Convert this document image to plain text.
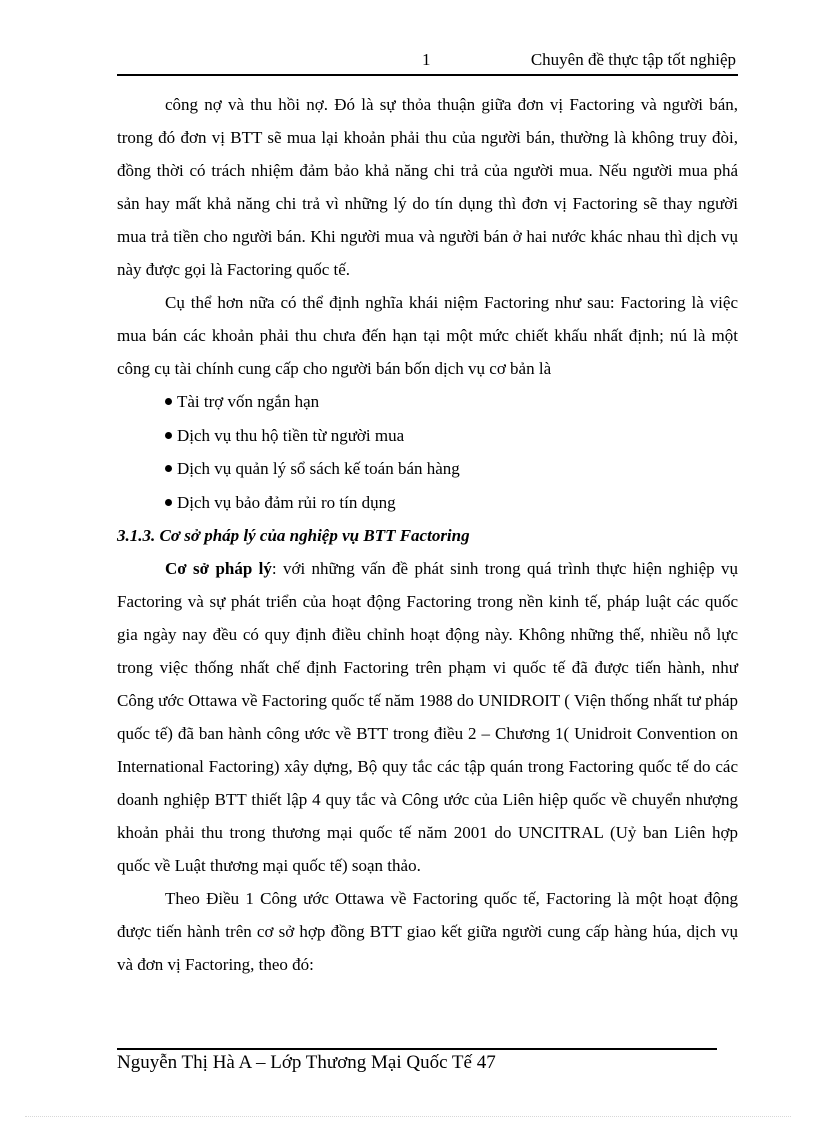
1	Chuyên đề thực tập tốt nghiệp

công nợ và thu hồi nợ. Đó là sự thỏa thuận giữa đơn vị Factoring và người bán, trong đó đơn vị BTT sẽ mua lại khoản phải thu của người bán, thường là không truy đòi, đồng thời có trách nhiệm đảm bảo khả năng chi trả của người mua. Nếu người mua phá sản hay mất khả năng chi trả vì những lý do tín dụng thì đơn vị Factoring sẽ thay người mua trả tiền cho người bán. Khi người mua và người bán ở hai nước khác nhau thì dịch vụ này được gọi là Factoring quốc tế.

Cụ thể hơn nữa có thể định nghĩa khái niệm Factoring như sau: Factoring là việc mua bán các khoản phải thu chưa đến hạn tại một mức chiết khấu nhất định; nú là một công cụ tài chính cung cấp cho người bán bốn dịch vụ cơ bản là

Tài trợ vốn ngắn hạn
Dịch vụ thu hộ tiền từ người mua
Dịch vụ quản lý sổ sách kế toán bán hàng
Dịch vụ bảo đảm rủi ro tín dụng

3.1.3. Cơ sở pháp lý của nghiệp vụ BTT Factoring

Cơ sở pháp lý: với những vấn đề phát sinh trong quá trình thực hiện nghiệp vụ Factoring và sự phát triển của hoạt động Factoring trong nền kinh tế, pháp luật các quốc gia ngày nay đều có quy định điều chỉnh hoạt động này. Không những thế, nhiều nỗ lực trong việc thống nhất chế định Factoring trên phạm vi quốc tế đã được tiến hành, như Công ước Ottawa về Factoring quốc tế năm 1988 do UNIDROIT ( Viện thống nhất tư pháp quốc tế) đã ban hành công ước về BTT trong điều 2 – Chương 1( Unidroit Convention on International Factoring) xây dựng, Bộ quy tắc các tập quán trong Factoring quốc tế do các doanh nghiệp BTT thiết lập 4 quy tắc và Công ước của Liên hiệp quốc về chuyển nhượng khoản phải thu trong thương mại quốc tế năm 2001 do UNCITRAL (Uỷ ban Liên hợp quốc về Luật thương mại quốc tế) soạn thảo.

Theo Điều 1 Công ước Ottawa về Factoring quốc tế, Factoring là một hoạt động được tiến hành trên cơ sở hợp đồng BTT giao kết giữa người cung cấp hàng húa, dịch vụ và đơn vị Factoring, theo đó:

Nguyễn Thị Hà A – Lớp Thương Mại Quốc Tế 47
